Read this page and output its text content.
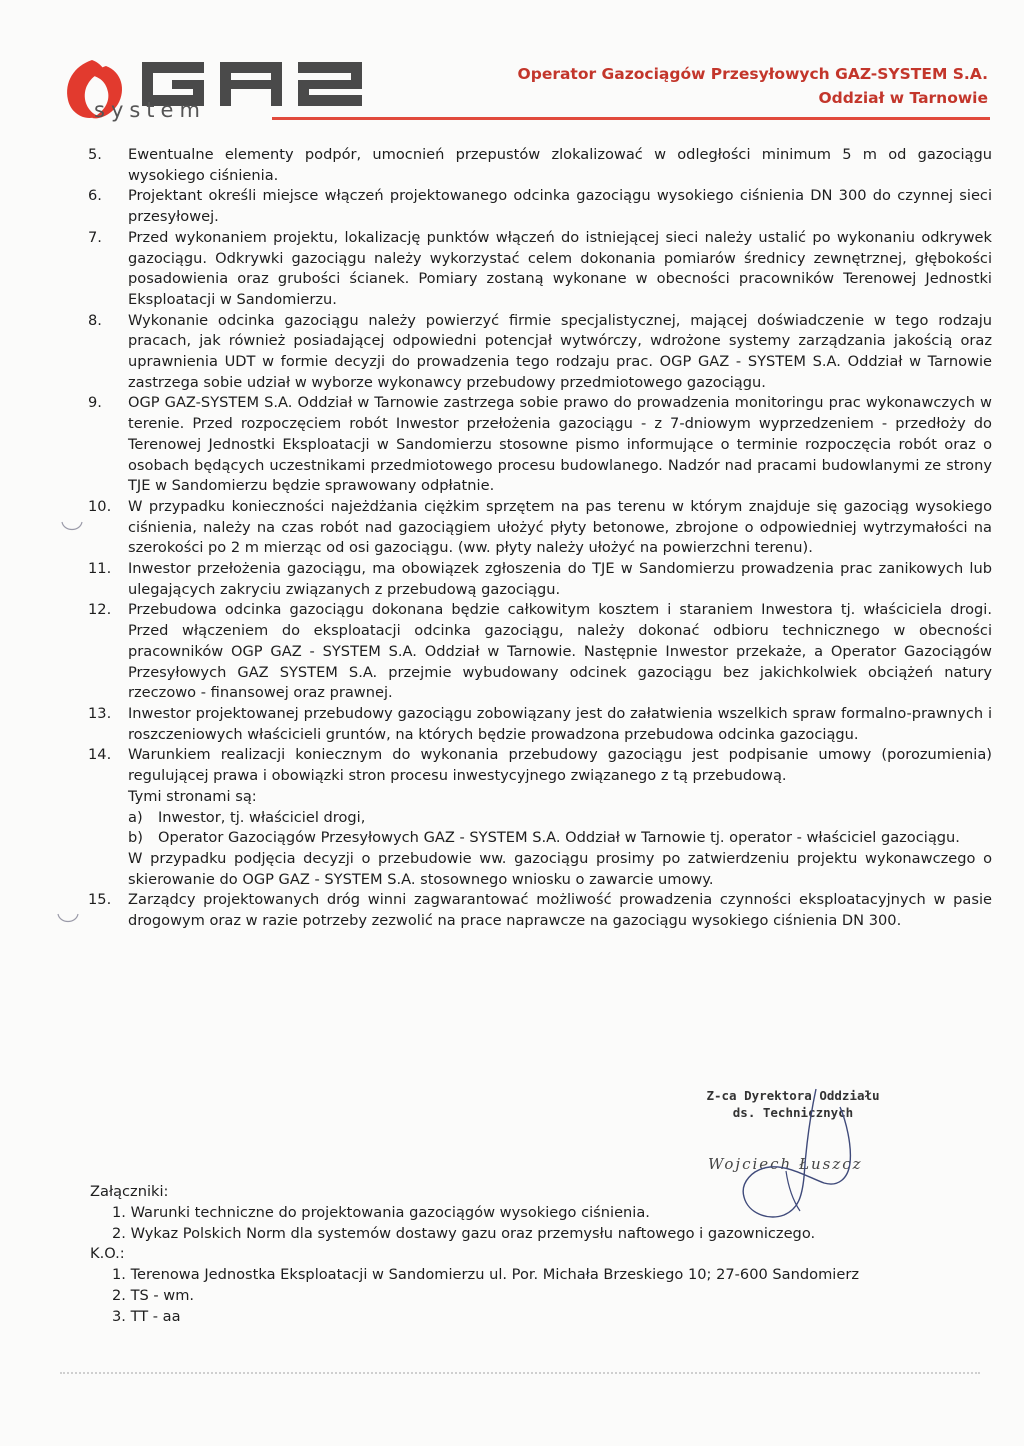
system
Operator Gazociągów Przesyłowych GAZ-SYSTEM S.A.
Oddział w Tarnowie
5.	Ewentualne elementy podpór, umocnień przepustów zlokalizować w odległości minimum 5 m od gazociągu wysokiego ciśnienia.

6.	Projektant określi miejsce włączeń projektowanego odcinka gazociągu wysokiego ciśnienia DN 300 do czynnej sieci przesyłowej.

7.	Przed wykonaniem projektu, lokalizację punktów włączeń do istniejącej sieci należy ustalić po wykonaniu odkrywek gazociągu. Odkrywki gazociągu należy wykorzystać celem dokonania pomiarów średnicy zewnętrznej, głębokości posadowienia oraz grubości ścianek. Pomiary zostaną wykonane w obecności pracowników Terenowej Jednostki Eksploatacji w Sandomierzu.

8.	Wykonanie odcinka gazociągu należy powierzyć firmie specjalistycznej, mającej doświadczenie w tego rodzaju pracach, jak również posiadającej odpowiedni potencjał wytwórczy, wdrożone systemy zarządzania jakością oraz uprawnienia UDT w formie decyzji do prowadzenia tego rodzaju prac. OGP GAZ - SYSTEM S.A. Oddział w Tarnowie zastrzega sobie udział w wyborze wykonawcy przebudowy przedmiotowego gazociągu.

9.	OGP GAZ-SYSTEM S.A. Oddział w Tarnowie zastrzega sobie prawo do prowadzenia monitoringu prac wykonawczych w terenie. Przed rozpoczęciem robót Inwestor przełożenia gazociągu - z 7-dniowym wyprzedzeniem - przedłoży do Terenowej Jednostki Eksploatacji w Sandomierzu stosowne pismo informujące o terminie rozpoczęcia robót oraz o osobach będących uczestnikami przedmiotowego procesu budowlanego. Nadzór nad pracami budowlanymi ze strony TJE w Sandomierzu będzie sprawowany odpłatnie.

10.	W przypadku konieczności najeżdżania ciężkim sprzętem na pas terenu w którym znajduje się gazociąg wysokiego ciśnienia, należy na czas robót nad gazociągiem ułożyć płyty betonowe, zbrojone o odpowiedniej wytrzymałości na szerokości po 2 m mierząc od osi gazociągu. (ww. płyty należy ułożyć na powierzchni terenu).

11.	Inwestor przełożenia gazociągu, ma obowiązek zgłoszenia do TJE w Sandomierzu prowadzenia prac zanikowych lub ulegających zakryciu związanych z przebudową gazociągu.

12.	Przebudowa odcinka gazociągu dokonana będzie całkowitym kosztem i staraniem Inwestora tj. właściciela drogi. Przed włączeniem do eksploatacji odcinka gazociągu, należy dokonać odbioru technicznego w obecności pracowników OGP GAZ - SYSTEM S.A. Oddział w Tarnowie. Następnie Inwestor przekaże, a Operator Gazociągów Przesyłowych GAZ SYSTEM S.A. przejmie wybudowany odcinek gazociągu bez jakichkolwiek obciążeń natury rzeczowo - finansowej oraz prawnej.

13.	Inwestor projektowanej przebudowy gazociągu zobowiązany jest do załatwienia wszelkich spraw formalno-prawnych i roszczeniowych właścicieli gruntów, na których będzie prowadzona przebudowa odcinka gazociągu.

14.	Warunkiem realizacji koniecznym do wykonania przebudowy gazociągu jest podpisanie umowy (porozumienia) regulującej prawa i obowiązki stron procesu inwestycyjnego związanego z tą przebudową.

Tymi stronami są:

a) Inwestor, tj. właściciel drogi,
b) Operator Gazociągów Przesyłowych GAZ - SYSTEM S.A. Oddział w Tarnowie tj. operator - właściciel gazociągu.

W przypadku podjęcia decyzji o przebudowie ww. gazociągu prosimy po zatwierdzeniu projektu wykonawczego o skierowanie do OGP GAZ - SYSTEM S.A. stosownego wniosku o zawarcie umowy.

15.	Zarządcy projektowanych dróg winni zagwarantować możliwość prowadzenia czynności eksploatacyjnych w pasie drogowym oraz w razie potrzeby zezwolić na prace naprawcze na gazociągu wysokiego ciśnienia DN 300.

Z-ca Dyrektora Oddziału
ds. Technicznych
Wojciech Łuszcz
Załączniki:
1. Warunki techniczne do projektowania gazociągów wysokiego ciśnienia.
2. Wykaz Polskich Norm dla systemów dostawy gazu oraz przemysłu naftowego i gazowniczego.
K.O.:
1. Terenowa Jednostka Eksploatacji w Sandomierzu ul. Por. Michała Brzeskiego 10; 27-600 Sandomierz
2. TS - wm.
3. TT - aa
